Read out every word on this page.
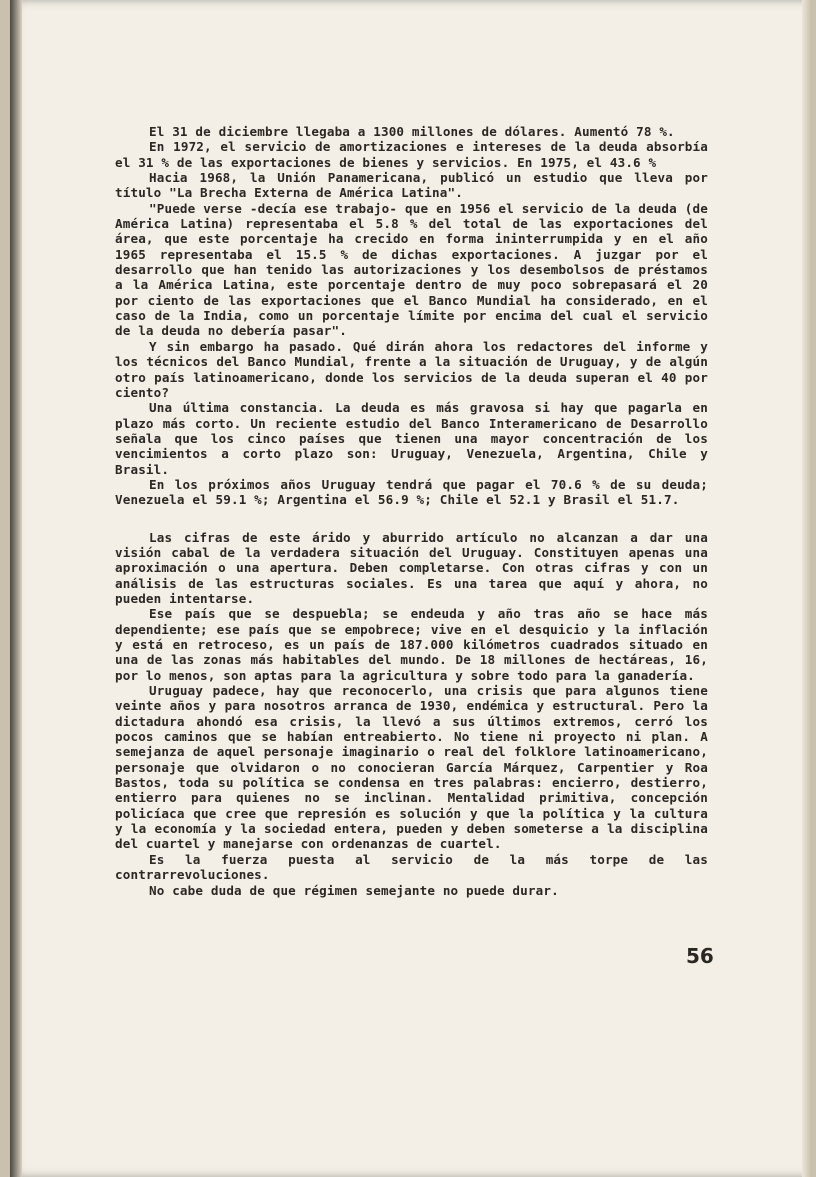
El 31 de diciembre llegaba a 1300 millones de dólares. Aumentó 78 %.

En 1972, el servicio de amortizaciones e intereses de la deuda absorbía el 31 % de las exportaciones de bienes y servicios. En 1975, el 43.6 %

Hacia 1968, la Unión Panamericana, publicó un estudio que lleva por título "La Brecha Externa de América Latina".

"Puede verse -decía ese trabajo- que en 1956 el servicio de la deuda (de América Latina) representaba el 5.8 % del total de las exportaciones del área, que este porcentaje ha crecido en forma ininterrumpida y en el año 1965 representaba el 15.5 % de dichas exportaciones. A juzgar por el desarrollo que han tenido las autorizaciones y los desembolsos de préstamos a la América Latina, este porcentaje dentro de muy poco sobrepasará el 20 por ciento de las exportaciones que el Banco Mundial ha considerado, en el caso de la India, como un porcentaje límite por encima del cual el servicio de la deuda no debería pasar".

Y sin embargo ha pasado. Qué dirán ahora los redactores del informe y los técnicos del Banco Mundial, frente a la situación de Uruguay, y de algún otro país latinoamericano, donde los servicios de la deuda superan el 40 por ciento?

Una última constancia. La deuda es más gravosa si hay que pagarla en plazo más corto. Un reciente estudio del Banco Interamericano de Desarrollo señala que los cinco países que tienen una mayor concentración de los vencimientos a corto plazo son: Uruguay, Venezuela, Argentina, Chile y Brasil.

En los próximos años Uruguay tendrá que pagar el 70.6 % de su deuda; Venezuela el 59.1 %; Argentina el 56.9 %; Chile el 52.1 y Brasil el 51.7.

Las cifras de este árido y aburrido artículo no alcanzan a dar una visión cabal de la verdadera situación del Uruguay. Constituyen apenas una aproximación o una apertura. Deben completarse. Con otras cifras y con un análisis de las estructuras sociales. Es una tarea que aquí y ahora, no pueden intentarse.

Ese país que se despuebla; se endeuda y año tras año se hace más dependiente; ese país que se empobrece; vive en el desquicio y la inflación y está en retroceso, es un país de 187.000 kilómetros cuadrados situado en una de las zonas más habitables del mundo. De 18 millones de hectáreas, 16, por lo menos, son aptas para la agricultura y sobre todo para la ganadería.

Uruguay padece, hay que reconocerlo, una crisis que para algunos tiene veinte años y para nosotros arranca de 1930, endémica y estructural. Pero la dictadura ahondó esa crisis, la llevó a sus últimos extremos, cerró los pocos caminos que se habían entreabierto. No tiene ni proyecto ni plan. A semejanza de aquel personaje imaginario o real del folklore latinoamericano, personaje que olvidaron o no conocieran García Márquez, Carpentier y Roa Bastos, toda su política se condensa en tres palabras: encierro, destierro, entierro para quienes no se inclinan. Mentalidad primitiva, concepción policíaca que cree que represión es solución y que la política y la cultura y la economía y la sociedad entera, pueden y deben someterse a la disciplina del cuartel y manejarse con ordenanzas de cuartel.

Es la fuerza puesta al servicio de la más torpe de las contrarrevoluciones.

No cabe duda de que régimen semejante no puede durar.

56
